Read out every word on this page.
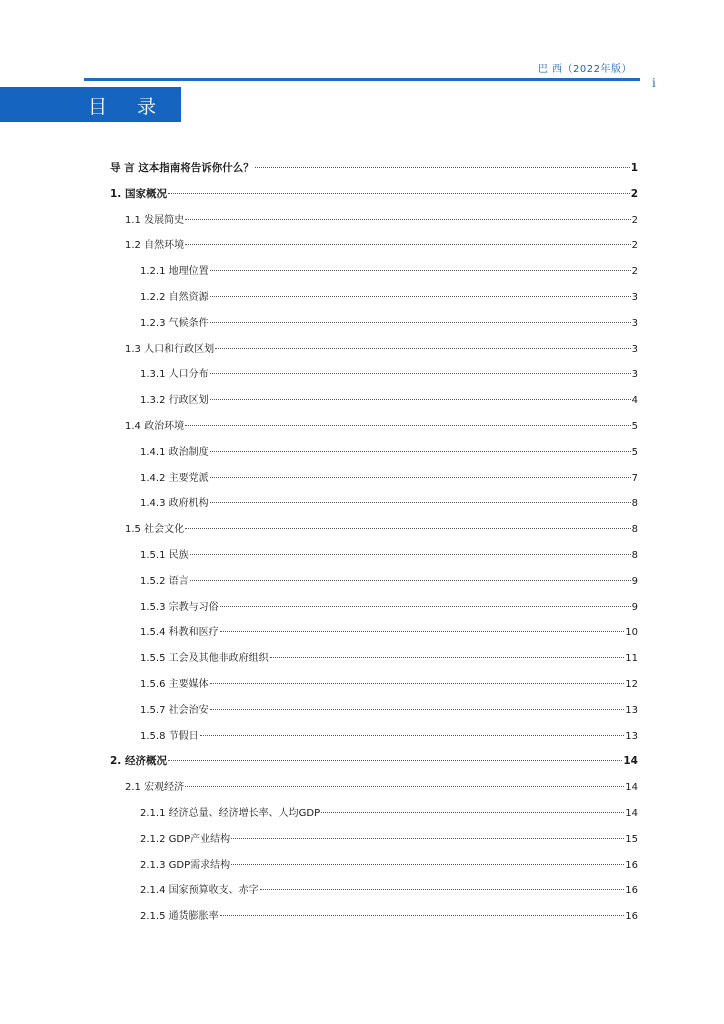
巴 西（2022年版）
i
目 录
导 言 这本指南将告诉你什么？	1
1. 国家概况	2
1.1 发展简史	2
1.2 自然环境	2
1.2.1 地理位置	2
1.2.2 自然资源	3
1.2.3 气候条件	3
1.3 人口和行政区划	3
1.3.1 人口分布	3
1.3.2 行政区划	4
1.4 政治环境	5
1.4.1 政治制度	5
1.4.2 主要党派	7
1.4.3 政府机构	8
1.5 社会文化	8
1.5.1 民族	8
1.5.2 语言	9
1.5.3 宗教与习俗	9
1.5.4 科教和医疗	10
1.5.5 工会及其他非政府组织	11
1.5.6 主要媒体	12
1.5.7 社会治安	13
1.5.8 节假日	13
2. 经济概况	14
2.1 宏观经济	14
2.1.1 经济总量、经济增长率、人均GDP	14
2.1.2 GDP产业结构	15
2.1.3 GDP需求结构	16
2.1.4 国家预算收支、赤字	16
2.1.5 通货膨胀率	16
